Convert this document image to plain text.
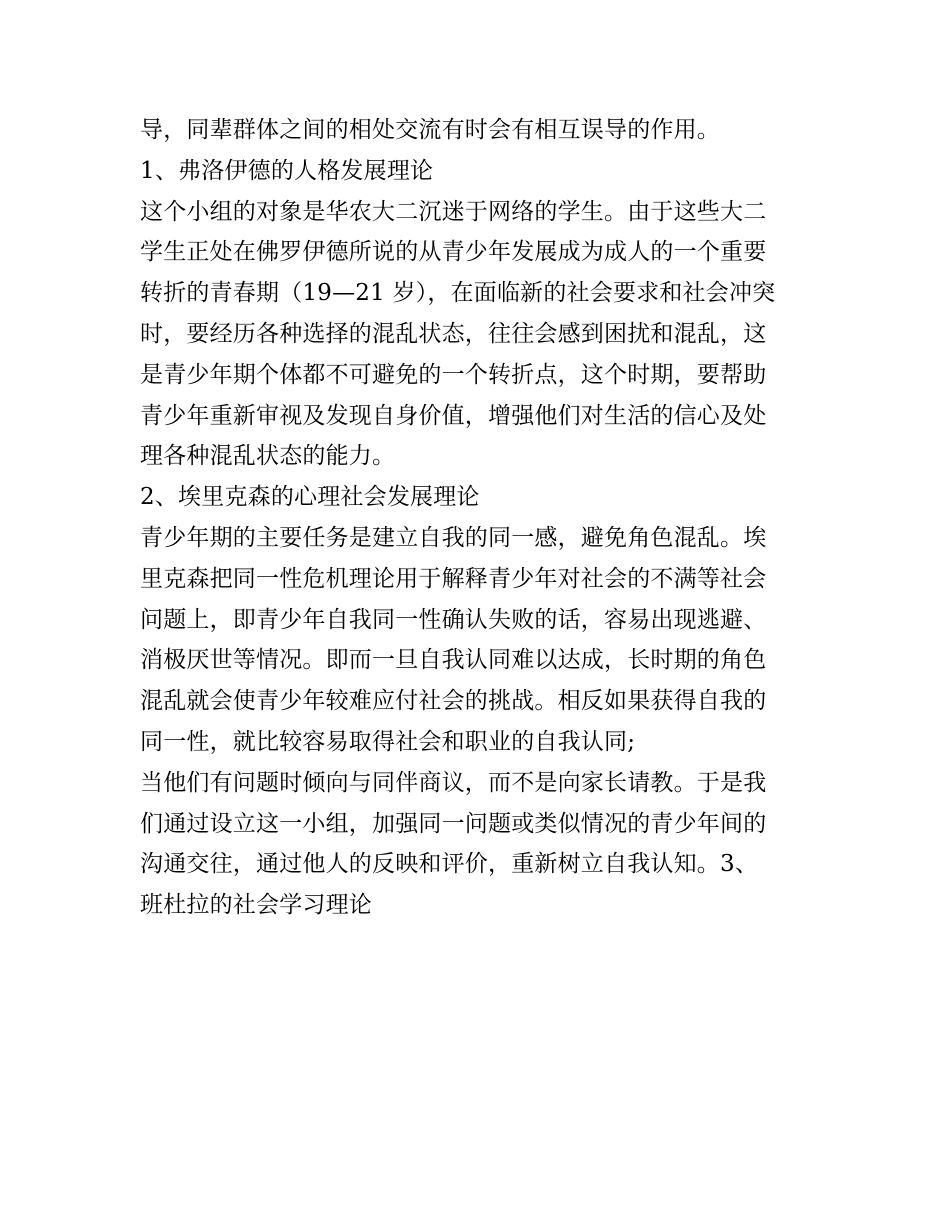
导，同辈群体之间的相处交流有时会有相互误导的作用。
1、弗洛伊德的人格发展理论
这个小组的对象是华农大二沉迷于网络的学生。由于这些大二
学生正处在佛罗伊德所说的从青少年发展成为成人的一个重要
转折的青春期（19—21 岁），在面临新的社会要求和社会冲突
时，要经历各种选择的混乱状态，往往会感到困扰和混乱，这
是青少年期个体都不可避免的一个转折点，这个时期，要帮助
青少年重新审视及发现自身价值，增强他们对生活的信心及处
理各种混乱状态的能力。
2、埃里克森的心理社会发展理论
青少年期的主要任务是建立自我的同一感，避免角色混乱。埃
里克森把同一性危机理论用于解释青少年对社会的不满等社会
问题上，即青少年自我同一性确认失败的话，容易出现逃避、
消极厌世等情况。即而一旦自我认同难以达成，长时期的角色
混乱就会使青少年较难应付社会的挑战。相反如果获得自我的
同一性，就比较容易取得社会和职业的自我认同;
当他们有问题时倾向与同伴商议，而不是向家长请教。于是我
们通过设立这一小组，加强同一问题或类似情况的青少年间的
沟通交往，通过他人的反映和评价，重新树立自我认知。3、
班杜拉的社会学习理论
